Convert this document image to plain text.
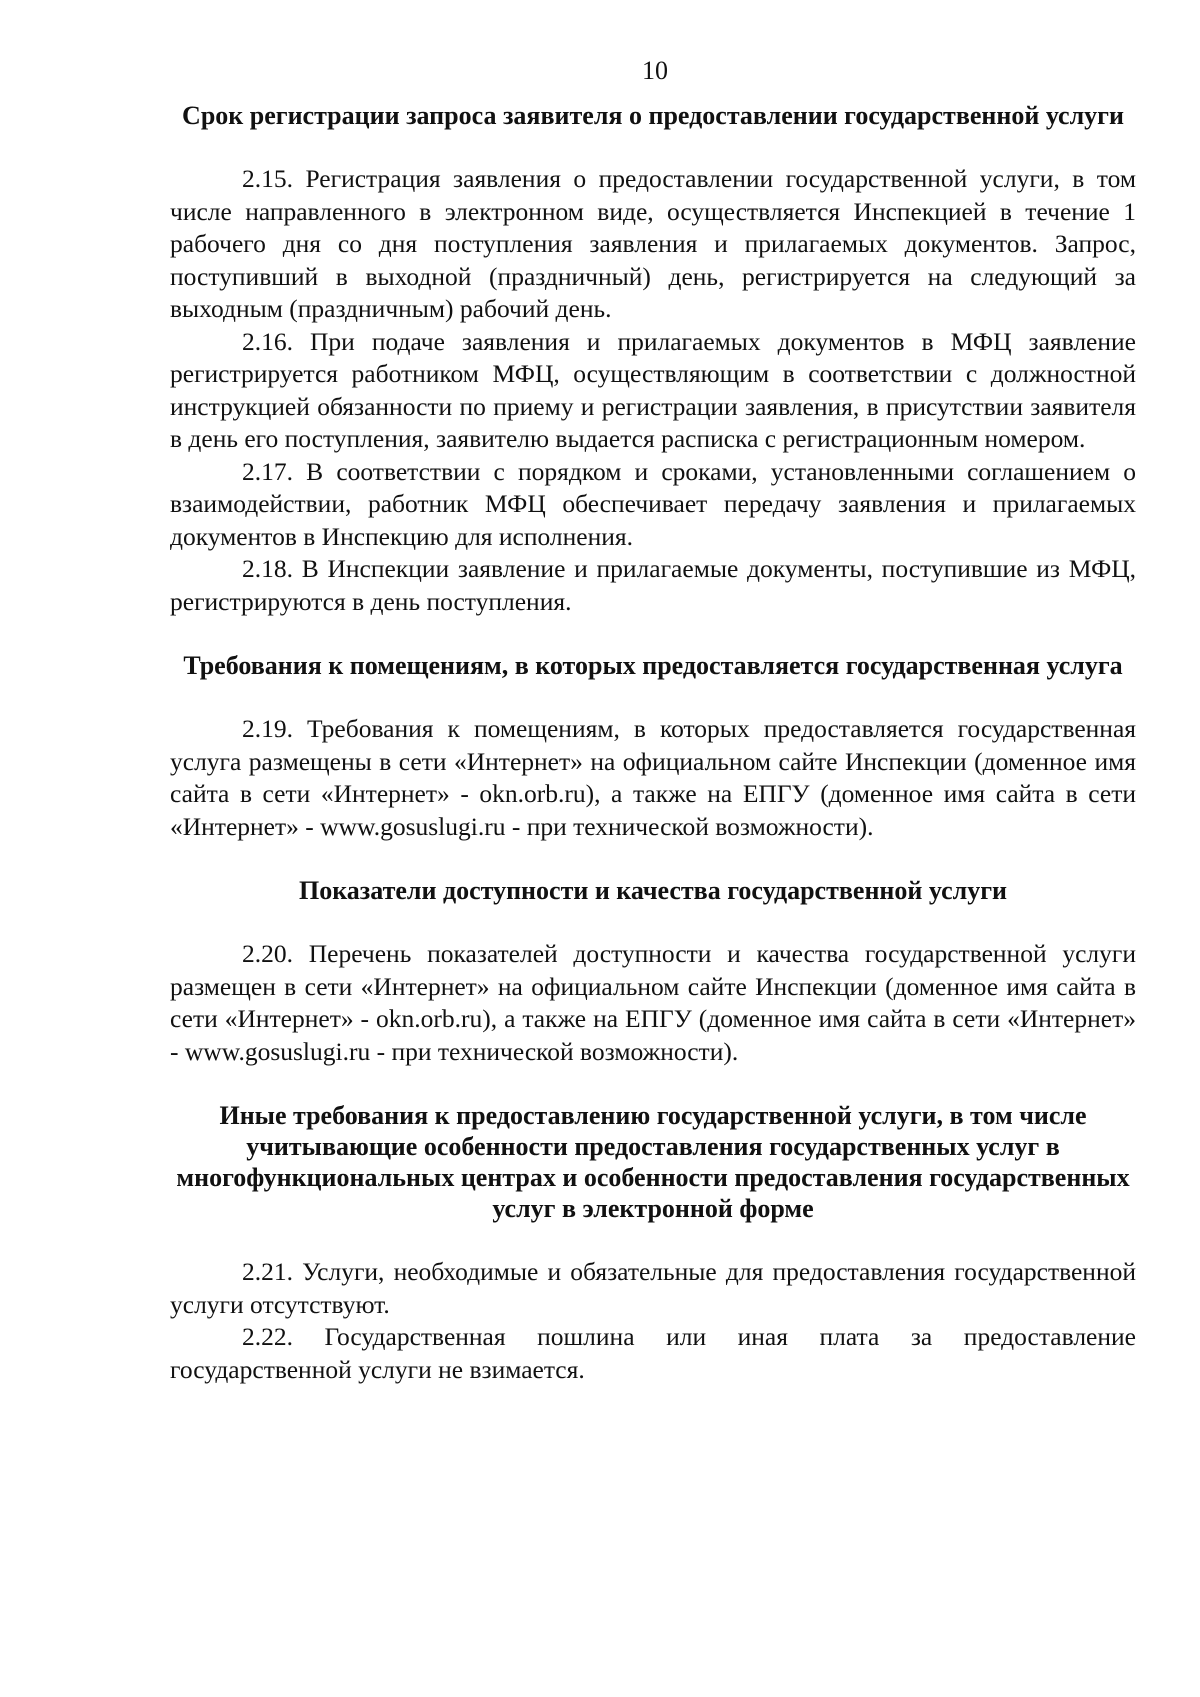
10
Срок регистрации запроса заявителя о предоставлении государственной услуги

2.15. Регистрация заявления о предоставлении государственной услуги, в том числе направленного в электронном виде, осуществляется Инспекцией в течение 1 рабочего дня со дня поступления заявления и прилагаемых документов. Запрос, поступивший в выходной (праздничный) день, регистрируется на следующий за выходным (праздничным) рабочий день.

2.16. При подаче заявления и прилагаемых документов в МФЦ заявление регистрируется работником МФЦ, осуществляющим в соответствии с должностной инструкцией обязанности по приему и регистрации заявления, в присутствии заявителя в день его поступления, заявителю выдается расписка с регистрационным номером.

2.17. В соответствии с порядком и сроками, установленными соглашением о взаимодействии, работник МФЦ обеспечивает передачу заявления и прилагаемых документов в Инспекцию для исполнения.

2.18. В Инспекции заявление и прилагаемые документы, поступившие из МФЦ, регистрируются в день поступления.

Требования к помещениям, в которых предоставляется государственная услуга

2.19. Требования к помещениям, в которых предоставляется государственная услуга размещены в сети «Интернет» на официальном сайте Инспекции (доменное имя сайта в сети «Интернет» - okn.orb.ru), а также на ЕПГУ (доменное имя сайта в сети «Интернет» - www.gosuslugi.ru - при технической возможности).

Показатели доступности и качества государственной услуги

2.20. Перечень показателей доступности и качества государственной услуги размещен в сети «Интернет» на официальном сайте Инспекции (доменное имя сайта в сети «Интернет» - okn.orb.ru), а также на ЕПГУ (доменное имя сайта в сети «Интернет» - www.gosuslugi.ru - при технической возможности).

Иные требования к предоставлению государственной услуги, в том числе учитывающие особенности предоставления государственных услуг в многофункциональных центрах и особенности предоставления государственных услуг в электронной форме

2.21. Услуги, необходимые и обязательные для предоставления государственной услуги отсутствуют.

2.22. Государственная пошлина или иная плата за предоставление государственной услуги не взимается.
